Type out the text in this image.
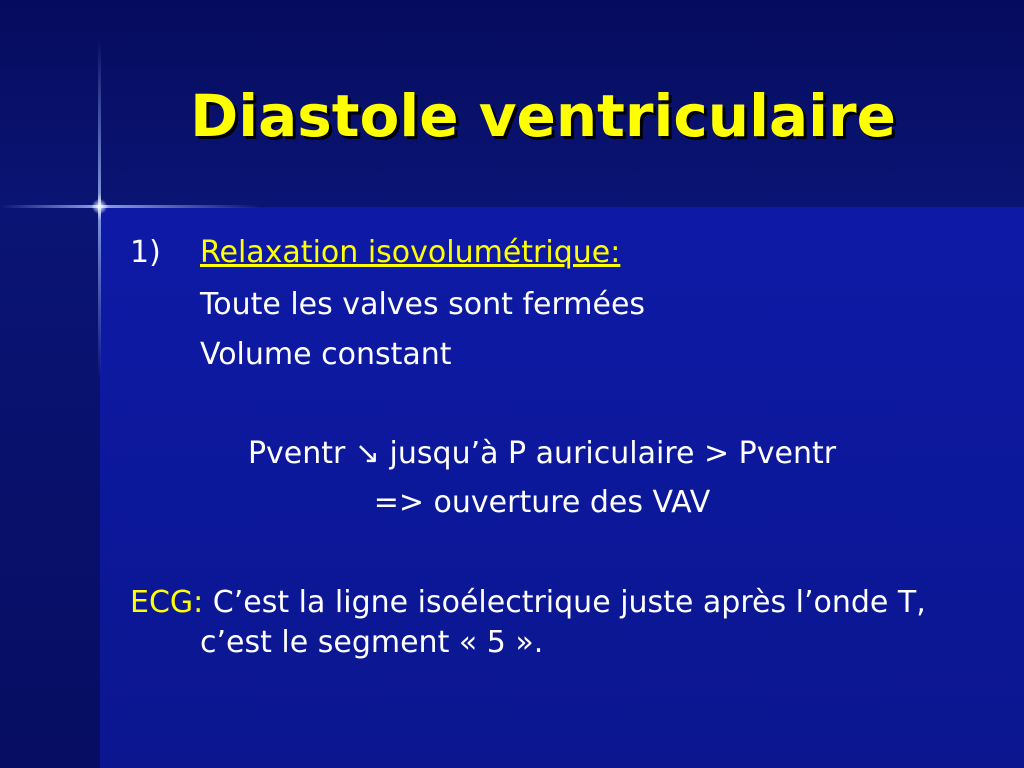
Diastole ventriculaire
1) Relaxation isovolumétrique:
Toute les valves sont fermées
Volume constant
Pventr ↘ jusqu’à P auriculaire > Pventr
=> ouverture des VAV
ECG: C’est la ligne isoélectrique juste après l’onde T,
c’est le segment « 5 ».
